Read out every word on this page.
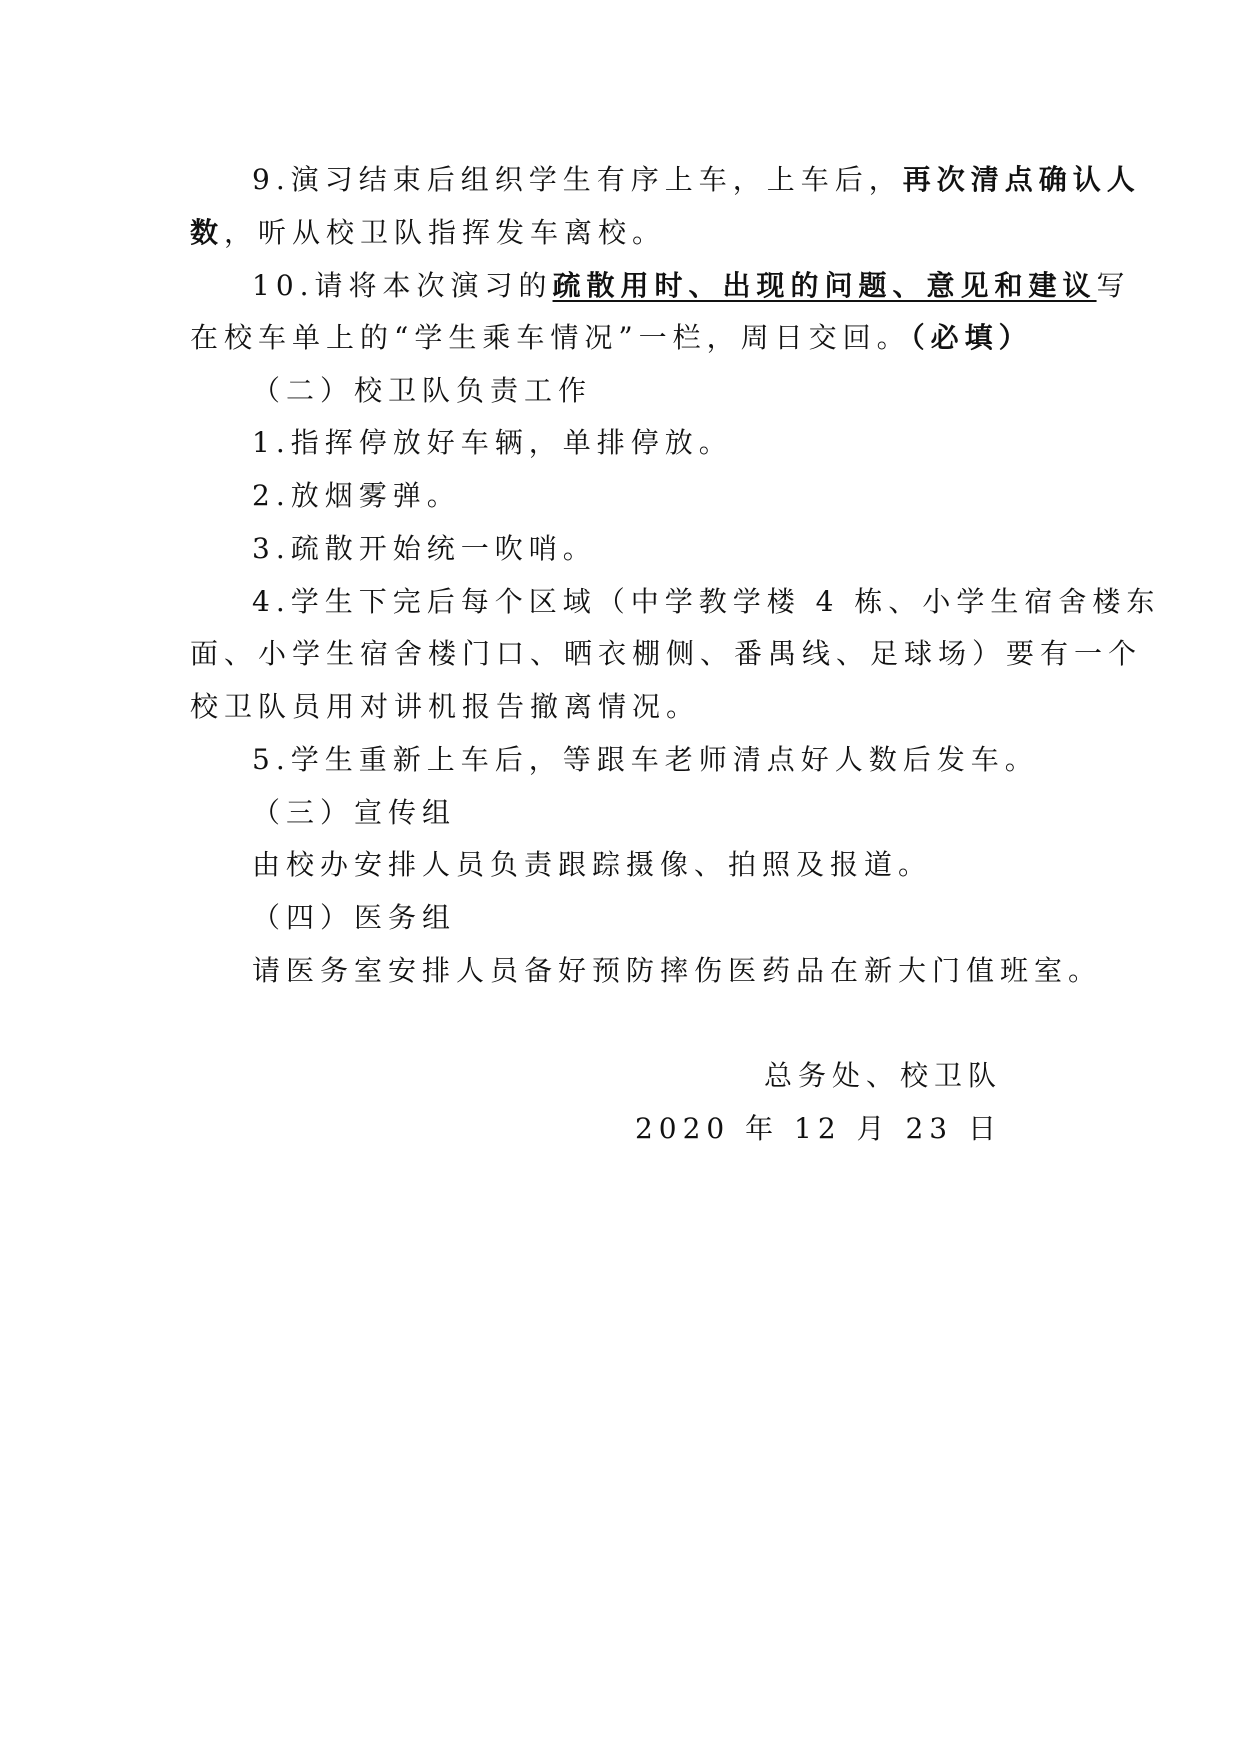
9.演习结束后组织学生有序上车，上车后，再次清点确认人
数，听从校卫队指挥发车离校。
10.请将本次演习的疏散用时、出现的问题、意见和建议写
在校车单上的“学生乘车情况”一栏，周日交回。（必填）
（二）校卫队负责工作
1.指挥停放好车辆，单排停放。
2.放烟雾弹。
3.疏散开始统一吹哨。
4.学生下完后每个区域（中学教学楼 4 栋、小学生宿舍楼东
面、小学生宿舍楼门口、晒衣棚侧、番禺线、足球场）要有一个
校卫队员用对讲机报告撤离情况。
5.学生重新上车后，等跟车老师清点好人数后发车。
（三）宣传组
由校办安排人员负责跟踪摄像、拍照及报道。
（四）医务组
请医务室安排人员备好预防摔伤医药品在新大门值班室。
总务处、校卫队
2020 年 12 月 23 日
